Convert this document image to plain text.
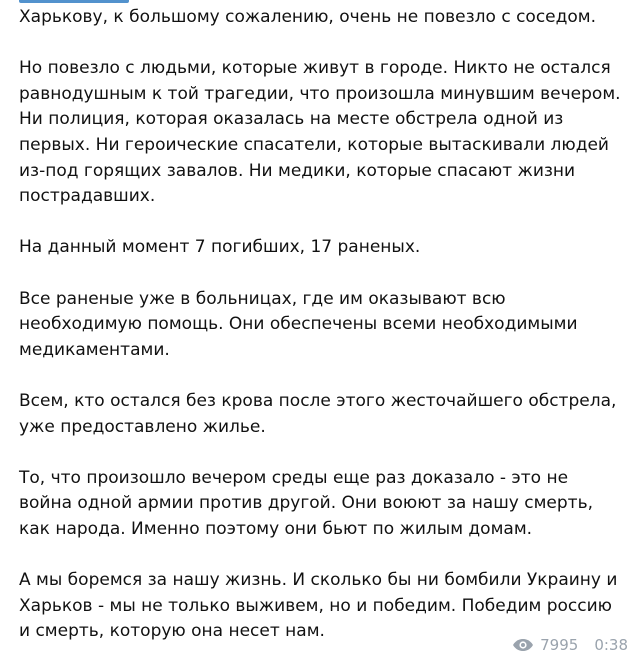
Харькову, к большому сожалению, очень не повезло с соседом.

Но повезло с людьми, которые живут в городе. Никто не остался равнодушным к той трагедии, что произошла минувшим вечером. Ни полиция, которая оказалась на месте обстрела одной из первых. Ни героические спасатели, которые вытаскивали людей из-под горящих завалов. Ни медики, которые спасают жизни пострадавших.

На данный момент 7 погибших, 17 раненых.

Все раненые уже в больницах, где им оказывают всю необходимую помощь. Они обеспечены всеми необходимыми медикаментами.

Всем, кто остался без крова после этого жесточайшего обстрела, уже предоставлено жилье.

То, что произошло вечером среды еще раз доказало - это не война одной армии против другой. Они воюют за нашу смерть, как народа. Именно поэтому они бьют по жилым домам.

А мы боремся за нашу жизнь. И сколько бы ни бомбили Украину и Харьков - мы не только выживем, но и победим. Победим россию и смерть, которую она несет нам.

7995 0:38
